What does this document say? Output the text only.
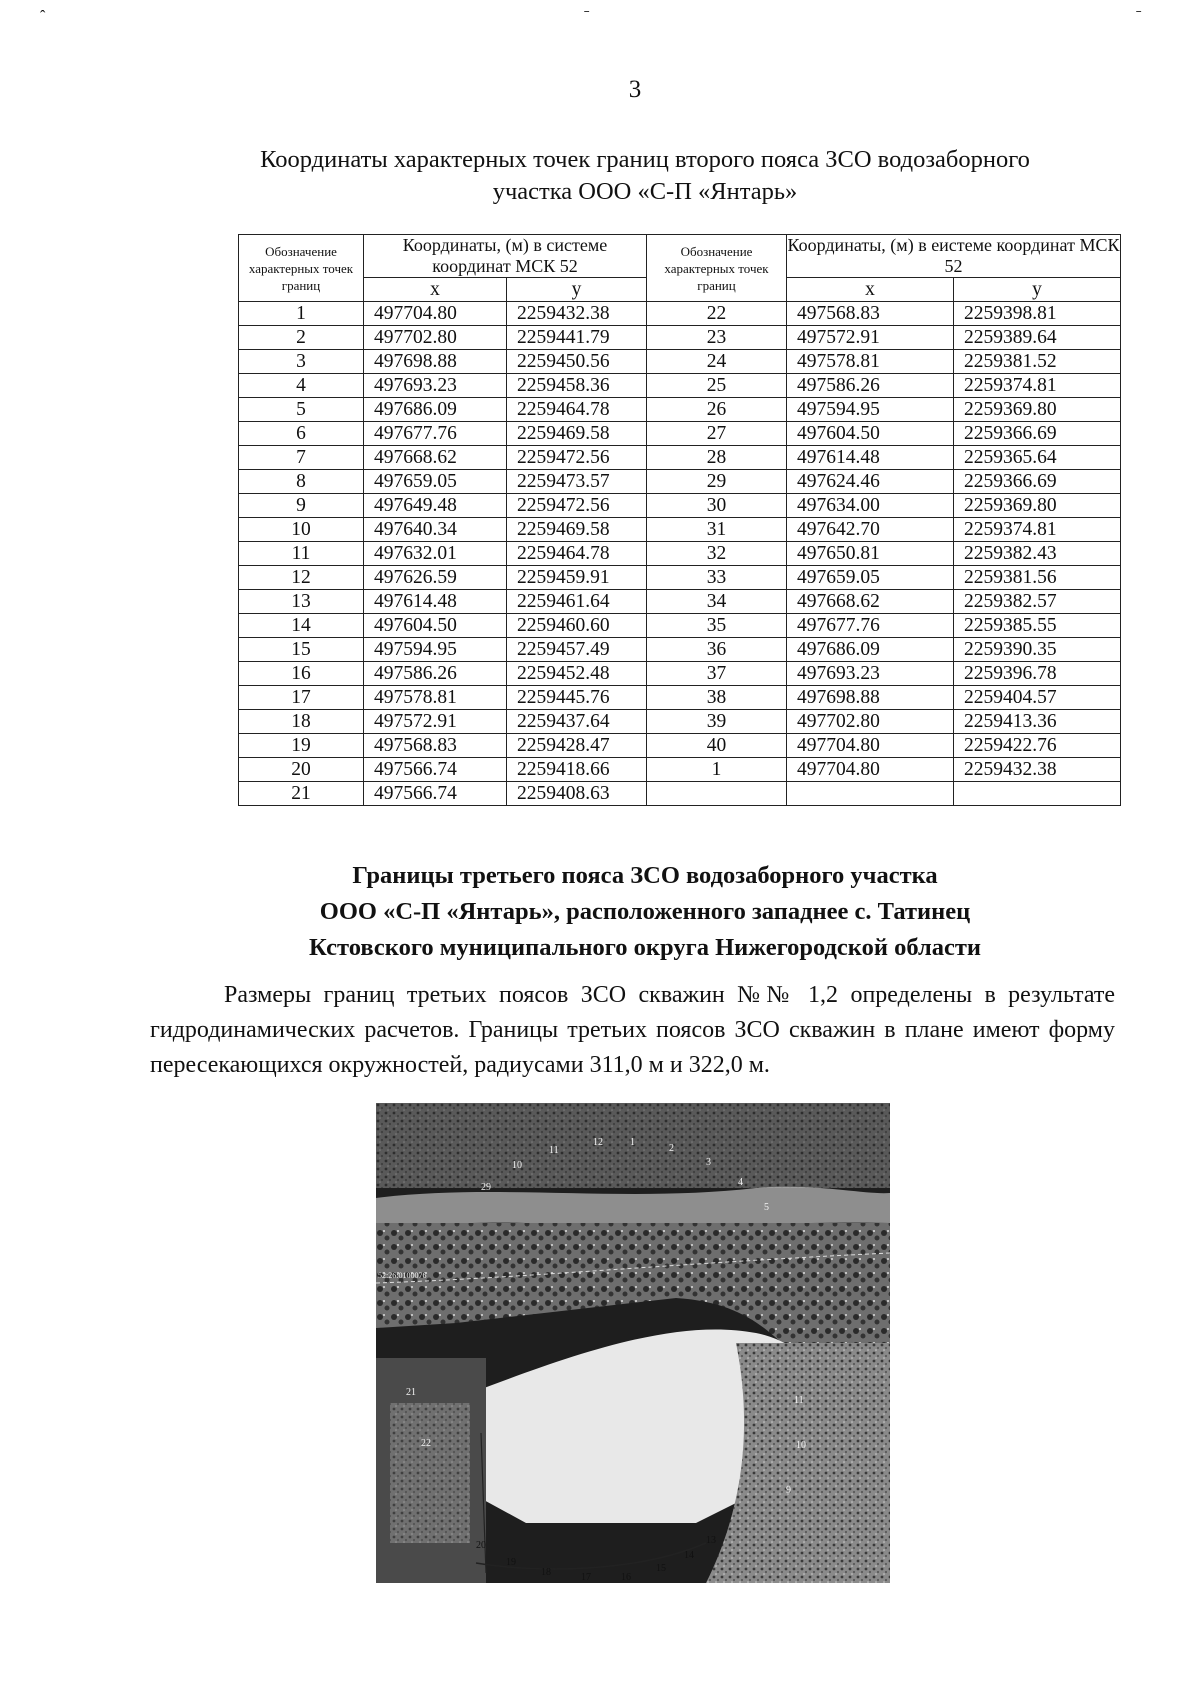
ˆ	ˉ	ˉ
3
Координаты характерных точек границ второго пояса ЗСО водозаборного
участка ООО «С-П «Янтарь»
Обозначение характерных точек границ	Координаты, (м) в системе координат МСК 52		Обозначение характерных точек границ	Координаты, (м) в еистеме координат МСК 52	
	x	у		x	у
1	497704.80	2259432.38	22	497568.83	2259398.81
2	497702.80	2259441.79	23	497572.91	2259389.64
3	497698.88	2259450.56	24	497578.81	2259381.52
4	497693.23	2259458.36	25	497586.26	2259374.81
5	497686.09	2259464.78	26	497594.95	2259369.80
6	497677.76	2259469.58	27	497604.50	2259366.69
7	497668.62	2259472.56	28	497614.48	2259365.64
8	497659.05	2259473.57	29	497624.46	2259366.69
9	497649.48	2259472.56	30	497634.00	2259369.80
10	497640.34	2259469.58	31	497642.70	2259374.81
11	497632.01	2259464.78	32	497650.81	2259382.43
12	497626.59	2259459.91	33	497659.05	2259381.56
13	497614.48	2259461.64	34	497668.62	2259382.57
14	497604.50	2259460.60	35	497677.76	2259385.55
15	497594.95	2259457.49	36	497686.09	2259390.35
16	497586.26	2259452.48	37	497693.23	2259396.78
17	497578.81	2259445.76	38	497698.88	2259404.57
18	497572.91	2259437.64	39	497702.80	2259413.36
19	497568.83	2259428.47	40	497704.80	2259422.76
20	497566.74	2259418.66	1	497704.80	2259432.38
21	497566.74	2259408.63			
Границы третьего пояса ЗСО водозаборного участка
ООО «С-П «Янтарь», расположенного западнее с. Татинец
Кстовского муниципального округа Нижегородской области
Размеры границ третьих поясов ЗСО скважин №№ 1,2 определены в результате гидродинамических расчетов. Границы третьих поясов ЗСО скважин в плане имеют форму пересекающихся окружностей, радиусами 311,0 м и 322,0 м.
29
10
11
12	1
2
3
4
5
21
22
11
10
9
52:26:0100076
20
19
18	17	16
15
14
13
